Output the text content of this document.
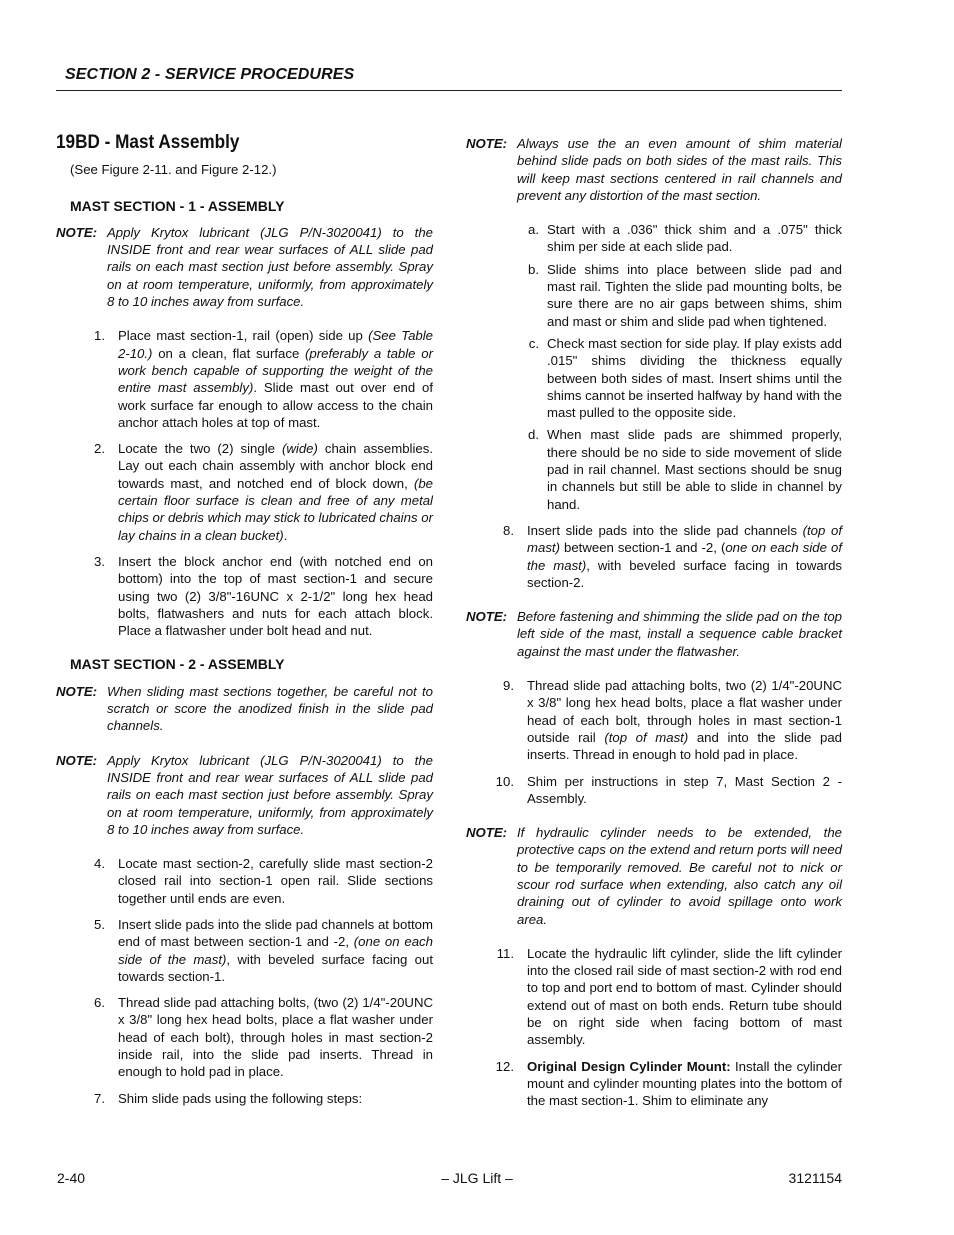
SECTION 2 - SERVICE PROCEDURES
19BD - Mast Assembly
(See Figure 2-11. and Figure 2-12.)
MAST SECTION - 1 - ASSEMBLY
NOTE: Apply Krytox lubricant (JLG P/N-3020041) to the INSIDE front and rear wear surfaces of ALL slide pad rails on each mast section just before assembly. Spray on at room temperature, uniformly, from approximately 8 to 10 inches away from surface.
1. Place mast section-1, rail (open) side up (See Table 2-10.) on a clean, flat surface (preferably a table or work bench capable of supporting the weight of the entire mast assembly). Slide mast out over end of work surface far enough to allow access to the chain anchor attach holes at top of mast.
2. Locate the two (2) single (wide) chain assemblies. Lay out each chain assembly with anchor block end towards mast, and notched end of block down, (be certain floor surface is clean and free of any metal chips or debris which may stick to lubricated chains or lay chains in a clean bucket).
3. Insert the block anchor end (with notched end on bottom) into the top of mast section-1 and secure using two (2) 3/8"-16UNC x 2-1/2" long hex head bolts, flatwashers and nuts for each attach block. Place a flatwasher under bolt head and nut.
MAST SECTION - 2 - ASSEMBLY
NOTE: When sliding mast sections together, be careful not to scratch or score the anodized finish in the slide pad channels.
NOTE: Apply Krytox lubricant (JLG P/N-3020041) to the INSIDE front and rear wear surfaces of ALL slide pad rails on each mast section just before assembly. Spray on at room temperature, uniformly, from approximately 8 to 10 inches away from surface.
4. Locate mast section-2, carefully slide mast section-2 closed rail into section-1 open rail. Slide sections together until ends are even.
5. Insert slide pads into the slide pad channels at bottom end of mast between section-1 and -2, (one on each side of the mast), with beveled surface facing out towards section-1.
6. Thread slide pad attaching bolts, (two (2) 1/4"-20UNC x 3/8" long hex head bolts, place a flat washer under head of each bolt), through holes in mast section-2 inside rail, into the slide pad inserts. Thread in enough to hold pad in place.
7. Shim slide pads using the following steps:
NOTE: Always use the an even amount of shim material behind slide pads on both sides of the mast rails. This will keep mast sections centered in rail channels and prevent any distortion of the mast section.
a. Start with a .036" thick shim and a .075" thick shim per side at each slide pad.
b. Slide shims into place between slide pad and mast rail. Tighten the slide pad mounting bolts, be sure there are no air gaps between shims, shim and mast or shim and slide pad when tightened.
c. Check mast section for side play. If play exists add .015" shims dividing the thickness equally between both sides of mast. Insert shims until the shims cannot be inserted halfway by hand with the mast pulled to the opposite side.
d. When mast slide pads are shimmed properly, there should be no side to side movement of slide pad in rail channel. Mast sections should be snug in channels but still be able to slide in channel by hand.
8. Insert slide pads into the slide pad channels (top of mast) between section-1 and -2, (one on each side of the mast), with beveled surface facing in towards section-2.
NOTE: Before fastening and shimming the slide pad on the top left side of the mast, install a sequence cable bracket against the mast under the flatwasher.
9. Thread slide pad attaching bolts, two (2) 1/4"-20UNC x 3/8" long hex head bolts, place a flat washer under head of each bolt, through holes in mast section-1 outside rail (top of mast) and into the slide pad inserts. Thread in enough to hold pad in place.
10. Shim per instructions in step 7, Mast Section 2 - Assembly.
NOTE: If hydraulic cylinder needs to be extended, the protective caps on the extend and return ports will need to be temporarily removed. Be careful not to nick or scour rod surface when extending, also catch any oil draining out of cylinder to avoid spillage onto work area.
11. Locate the hydraulic lift cylinder, slide the lift cylinder into the closed rail side of mast section-2 with rod end to top and port end to bottom of mast. Cylinder should extend out of mast on both ends. Return tube should be on right side when facing bottom of mast assembly.
12. Original Design Cylinder Mount: Install the cylinder mount and cylinder mounting plates into the bottom of the mast section-1. Shim to eliminate any
– JLG Lift –
2-40	3121154
